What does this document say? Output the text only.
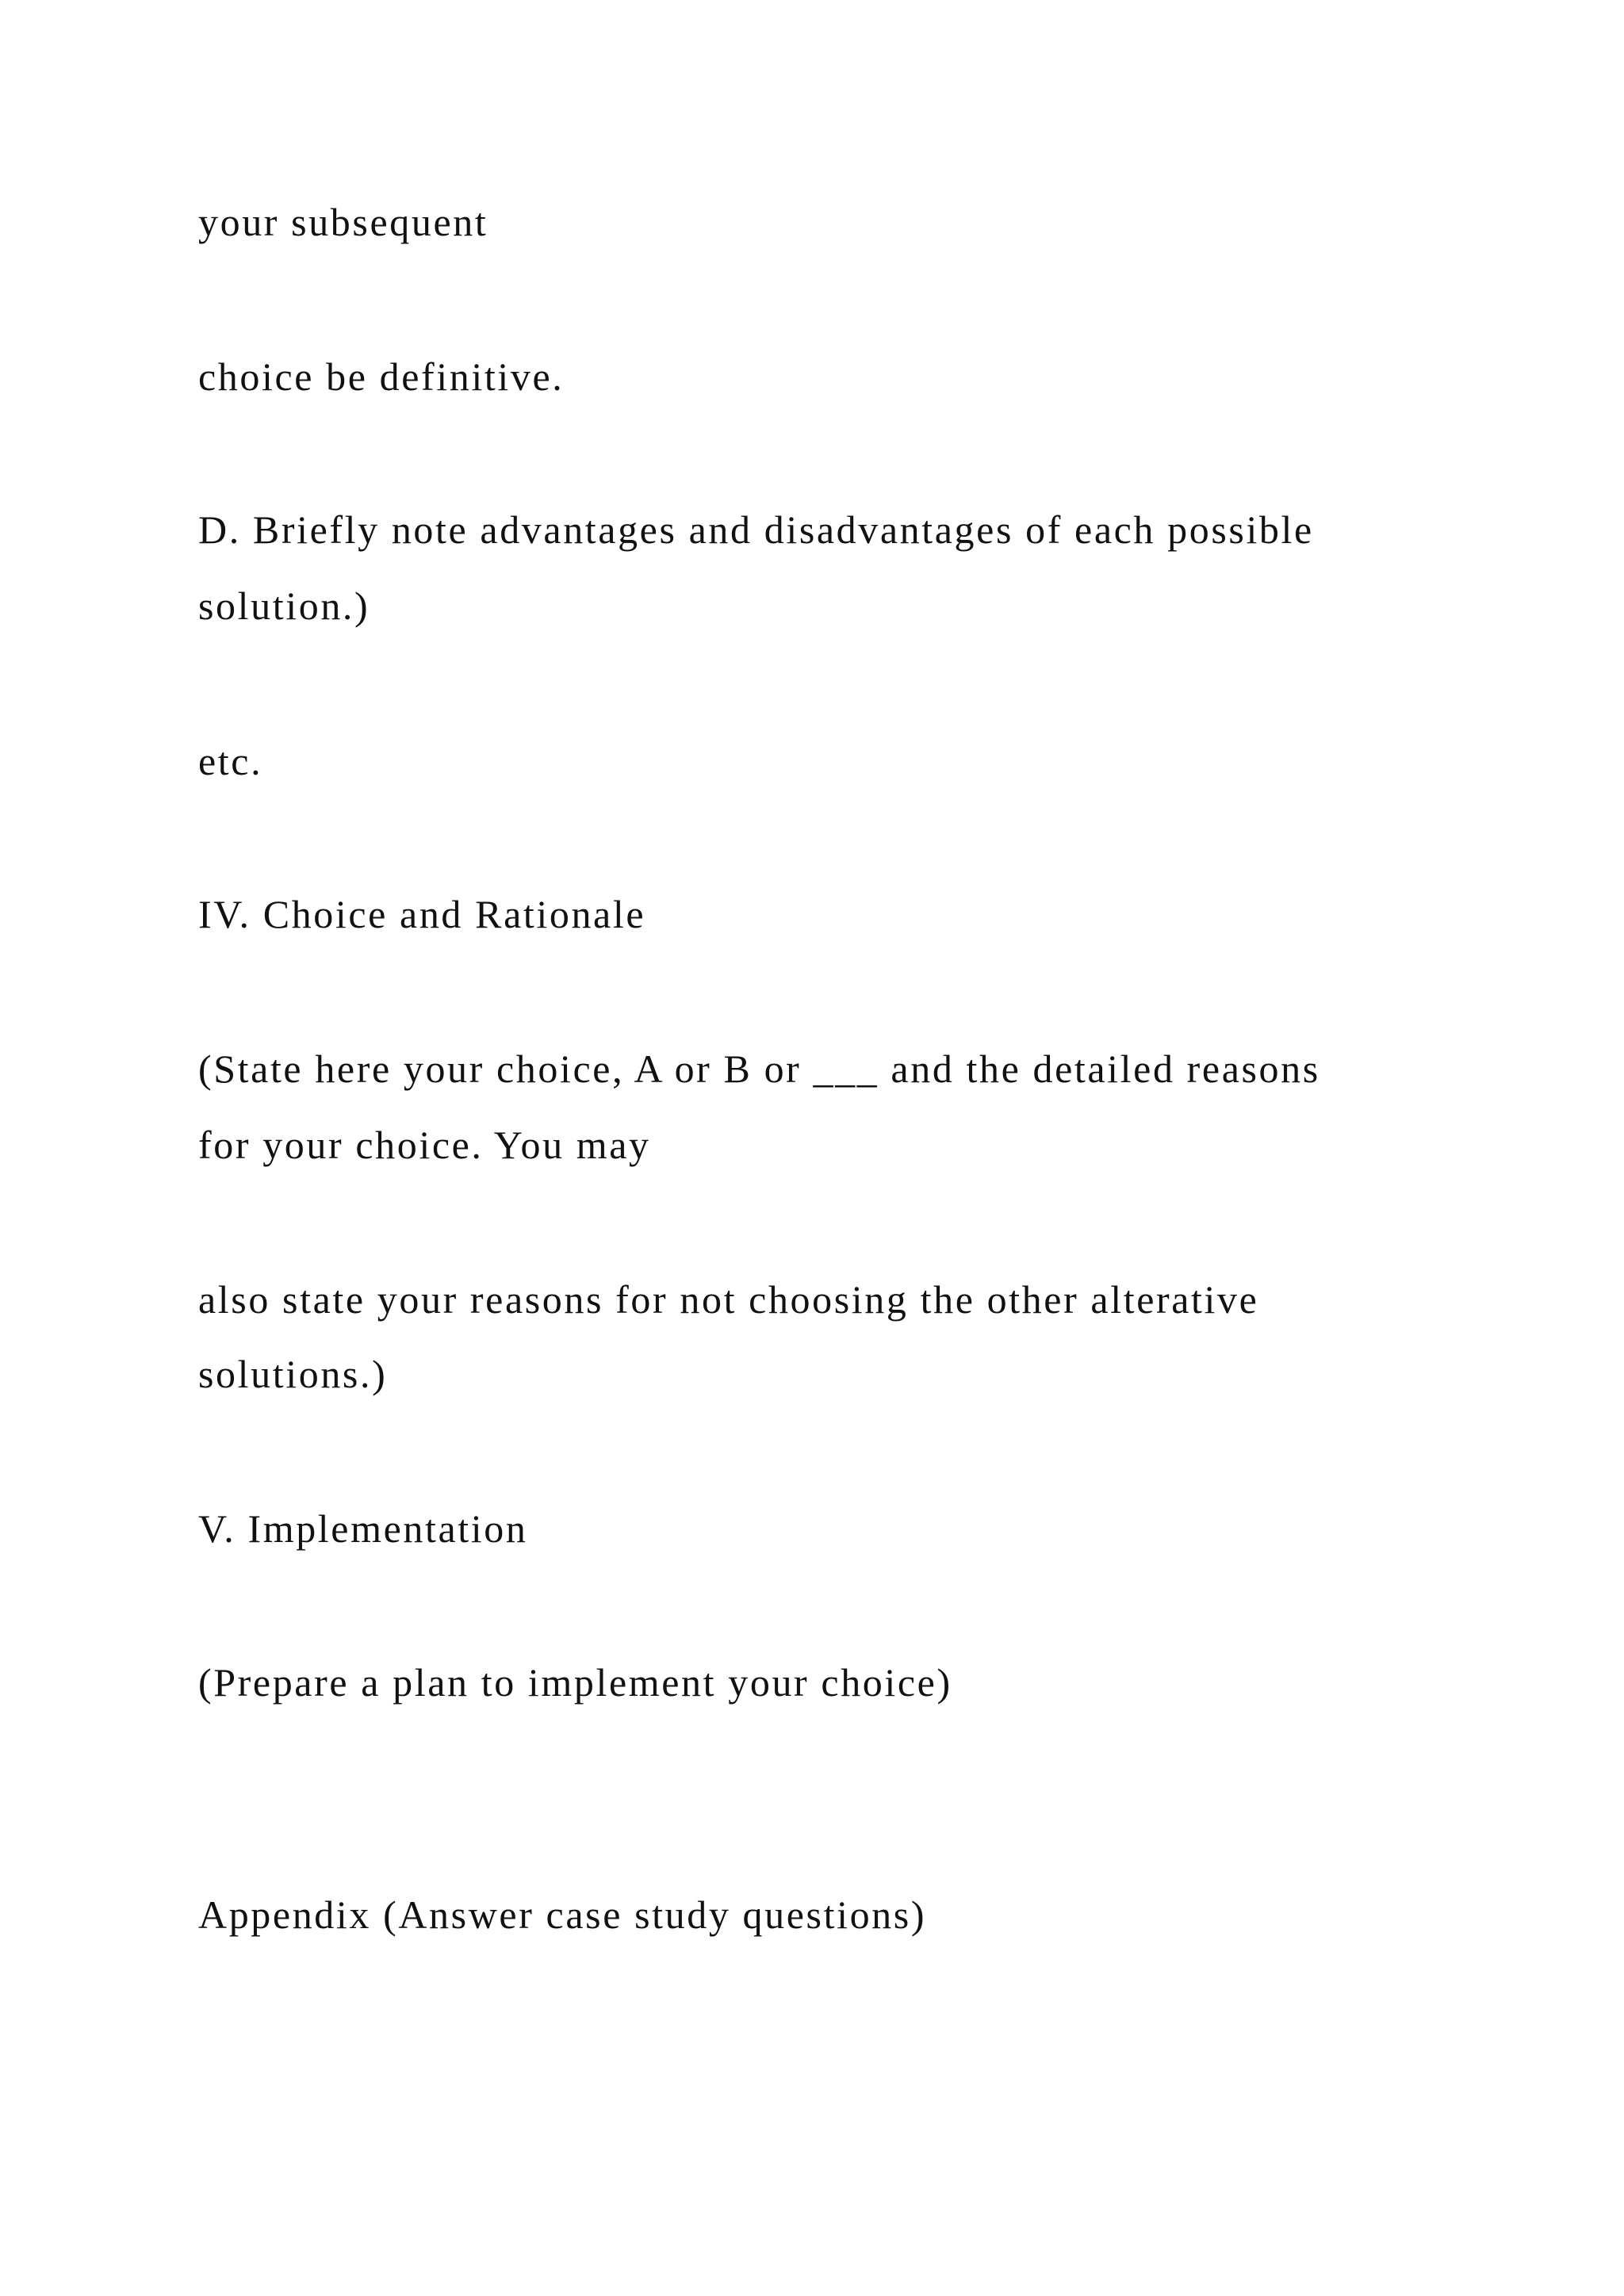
your subsequent
choice be definitive.
D. Briefly note advantages and disadvantages of each possible
solution.)
etc.
IV. Choice and Rationale
(State here your choice, A or B or ___ and the detailed reasons
for your choice. You may
also state your reasons for not choosing the other alterative
solutions.)
V. Implementation
(Prepare a plan to implement your choice)
Appendix (Answer case study questions)
